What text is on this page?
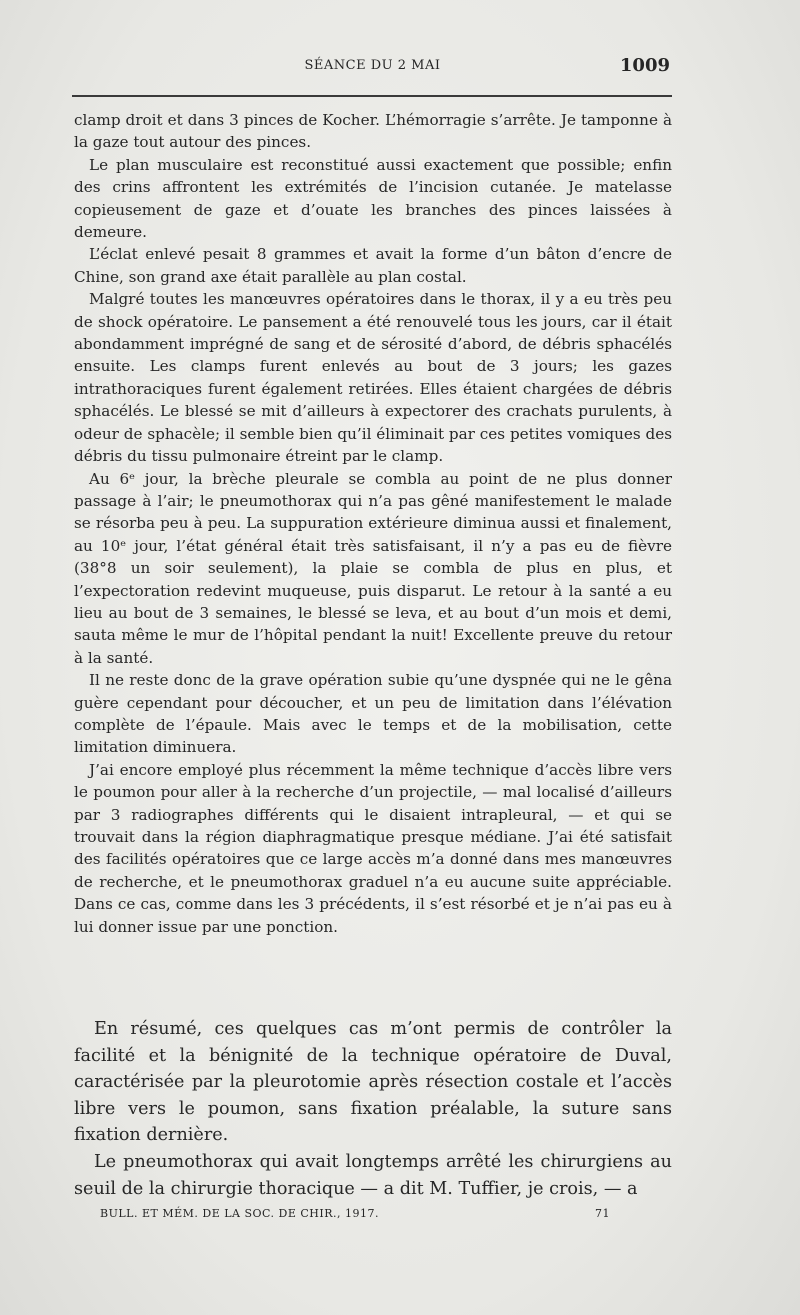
SÉANCE DU 2 MAI	1009

clamp droit et dans 3 pinces de Kocher. L’hémorragie s’arrête. Je tamponne à la gaze tout autour des pinces.

Le plan musculaire est reconstitué aussi exactement que possible; enfin des crins affrontent les extrémités de l’incision cutanée. Je matelasse copieusement de gaze et d’ouate les branches des pinces laissées à demeure.

L’éclat enlevé pesait 8 grammes et avait la forme d’un bâton d’encre de Chine, son grand axe était parallèle au plan costal.

Malgré toutes les manœuvres opératoires dans le thorax, il y a eu très peu de shock opératoire. Le pansement a été renouvelé tous les jours, car il était abondamment imprégné de sang et de sérosité d’abord, de débris sphacélés ensuite. Les clamps furent enlevés au bout de 3 jours; les gazes intrathoraciques furent également retirées. Elles étaient chargées de débris sphacélés. Le blessé se mit d’ailleurs à expectorer des crachats purulents, à odeur de sphacèle; il semble bien qu’il éliminait par ces petites vomiques des débris du tissu pulmonaire étreint par le clamp.

Au 6ᵉ jour, la brèche pleurale se combla au point de ne plus donner passage à l’air; le pneumothorax qui n’a pas gêné manifestement le malade se résorba peu à peu. La suppuration extérieure diminua aussi et finalement, au 10ᵉ jour, l’état général était très satisfaisant, il n’y a pas eu de fièvre (38°8 un soir seulement), la plaie se combla de plus en plus, et l’expectoration redevint muqueuse, puis disparut. Le retour à la santé a eu lieu au bout de 3 semaines, le blessé se leva, et au bout d’un mois et demi, sauta même le mur de l’hôpital pendant la nuit! Excellente preuve du retour à la santé.

Il ne reste donc de la grave opération subie qu’une dyspnée qui ne le gêna guère cependant pour découcher, et un peu de limitation dans l’élévation complète de l’épaule. Mais avec le temps et de la mobilisation, cette limitation diminuera.

J’ai encore employé plus récemment la même technique d’accès libre vers le poumon pour aller à la recherche d’un projectile, — mal localisé d’ailleurs par 3 radiographes différents qui le disaient intrapleural, — et qui se trouvait dans la région diaphragmatique presque médiane. J’ai été satisfait des facilités opératoires que ce large accès m’a donné dans mes manœuvres de recherche, et le pneumothorax graduel n’a eu aucune suite appréciable. Dans ce cas, comme dans les 3 précédents, il s’est résorbé et je n’ai pas eu à lui donner issue par une ponction.

En résumé, ces quelques cas m’ont permis de contrôler la facilité et la bénignité de la technique opératoire de Duval, caractérisée par la pleurotomie après résection costale et l’accès libre vers le poumon, sans fixation préalable, la suture sans fixation dernière.

Le pneumothorax qui avait longtemps arrêté les chirurgiens au seuil de la chirurgie thoracique — a dit M. Tuffier, je crois, — a

BULL. ET MÉM. DE LA SOC. DE CHIR., 1917.	71
